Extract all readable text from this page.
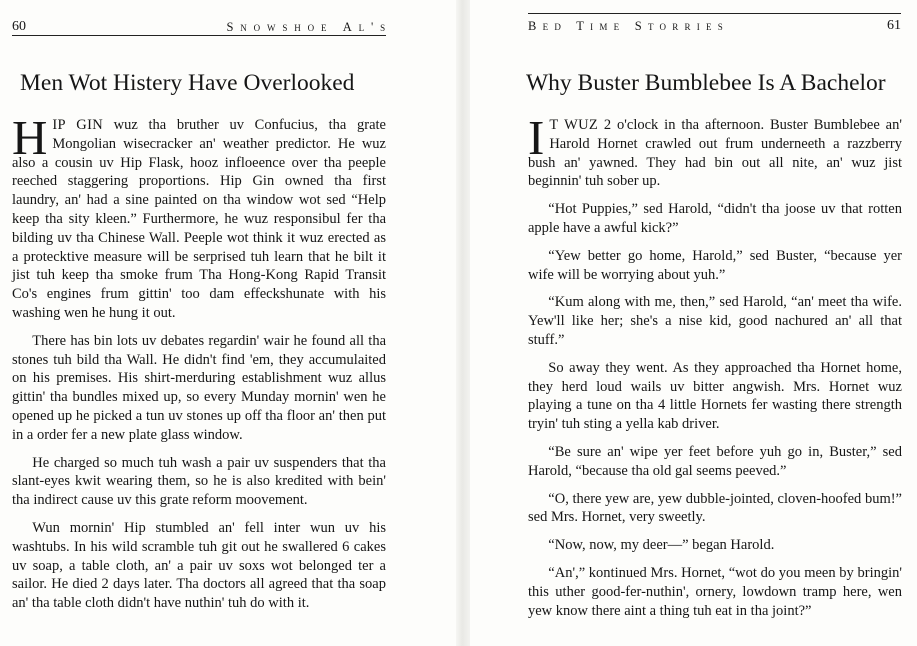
60	Snowshoe Al's
Men Wot Histery Have Overlooked

HIP GIN wuz tha bruther uv Confucius, tha grate Mongolian wisecracker an' weather predictor. He wuz also a cousin uv Hip Flask, hooz infloeence over tha peeple reeched staggering proportions. Hip Gin owned tha first laundry, an' had a sine painted on tha window wot sed “Help keep tha sity kleen.” Furthermore, he wuz responsibul fer tha bilding uv tha Chinese Wall. Peeple wot think it wuz erected as a protecktive measure will be serprised tuh learn that he bilt it jist tuh keep tha smoke frum Tha Hong-Kong Rapid Transit Co's engines frum gittin' too dam effeckshunate with his washing wen he hung it out.

There has bin lots uv debates regardin' wair he found all tha stones tuh bild tha Wall. He didn't find 'em, they accumulaited on his premises. His shirt-merduring establishment wuz allus gittin' tha bundles mixed up, so every Munday mornin' wen he opened up he picked a tun uv stones up off tha floor an' then put in a order fer a new plate glass window.

He charged so much tuh wash a pair uv suspenders that tha slant-eyes kwit wearing them, so he is also kredited with bein' tha indirect cause uv this grate reform moovement.

Wun mornin' Hip stumbled an' fell inter wun uv his washtubs. In his wild scramble tuh git out he swallered 6 cakes uv soap, a table cloth, an' a pair uv soxs wot belonged ter a sailor. He died 2 days later. Tha doctors all agreed that tha soap an' tha table cloth didn't have nuthin' tuh do with it.

Bed Time Storries	61
Why Buster Bumblebee Is A Bachelor

I T WUZ 2 o'clock in tha afternoon. Buster Bumblebee an' Harold Hornet crawled out frum underneeth a razzberry bush an' yawned. They had bin out all nite, an' wuz jist beginnin' tuh sober up.

“Hot Puppies,” sed Harold, “didn't tha joose uv that rotten apple have a awful kick?”

“Yew better go home, Harold,” sed Buster, “because yer wife will be worrying about yuh.”

“Kum along with me, then,” sed Harold, “an' meet tha wife. Yew'll like her; she's a nise kid, good nachured an' all that stuff.”

So away they went. As they approached tha Hornet home, they herd loud wails uv bitter angwish. Mrs. Hornet wuz playing a tune on tha 4 little Hornets fer wasting there strength tryin' tuh sting a yella kab driver.

“Be sure an' wipe yer feet before yuh go in, Buster,” sed Harold, “because tha old gal seems peeved.”

“O, there yew are, yew dubble-jointed, cloven-hoofed bum!” sed Mrs. Hornet, very sweetly.

“Now, now, my deer—” began Harold.

“An',” kontinued Mrs. Hornet, “wot do you meen by bringin' this uther good-fer-nuthin', ornery, lowdown tramp here, wen yew know there aint a thing tuh eat in tha joint?”
